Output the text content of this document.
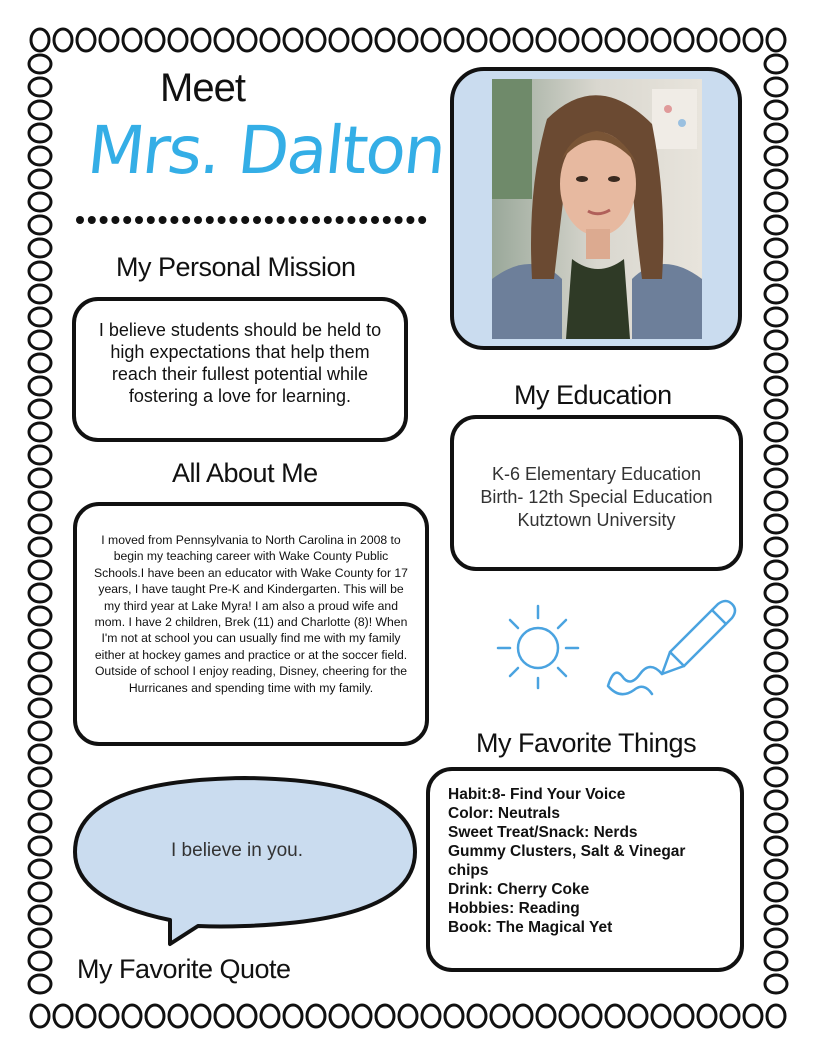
Meet
Mrs. Dalton
My Personal Mission
I believe students should be held to high expectations that help them reach their fullest potential while fostering a love for learning.
All About Me
I moved from Pennsylvania to North Carolina in 2008 to begin my teaching career with Wake County Public Schools.I have been an educator with Wake County for 17 years, I have taught Pre-K and Kindergarten. This will be my third year at Lake Myra! I am also a proud wife and mom. I have 2 children, Brek (11) and Charlotte (8)! When I'm not at school you can usually find me with my family either at hockey games and practice or at the soccer field. Outside of school I enjoy reading, Disney, cheering for the Hurricanes and spending time with my family.
My Education
K-6 Elementary Education
Birth- 12th Special Education
Kutztown University
My Favorite Things
Habit:8- Find Your Voice
Color: Neutrals
Sweet Treat/Snack: Nerds
Gummy Clusters, Salt & Vinegar
chips
Drink: Cherry Coke
Hobbies: Reading
Book: The Magical Yet
I believe in you.
My Favorite Quote
